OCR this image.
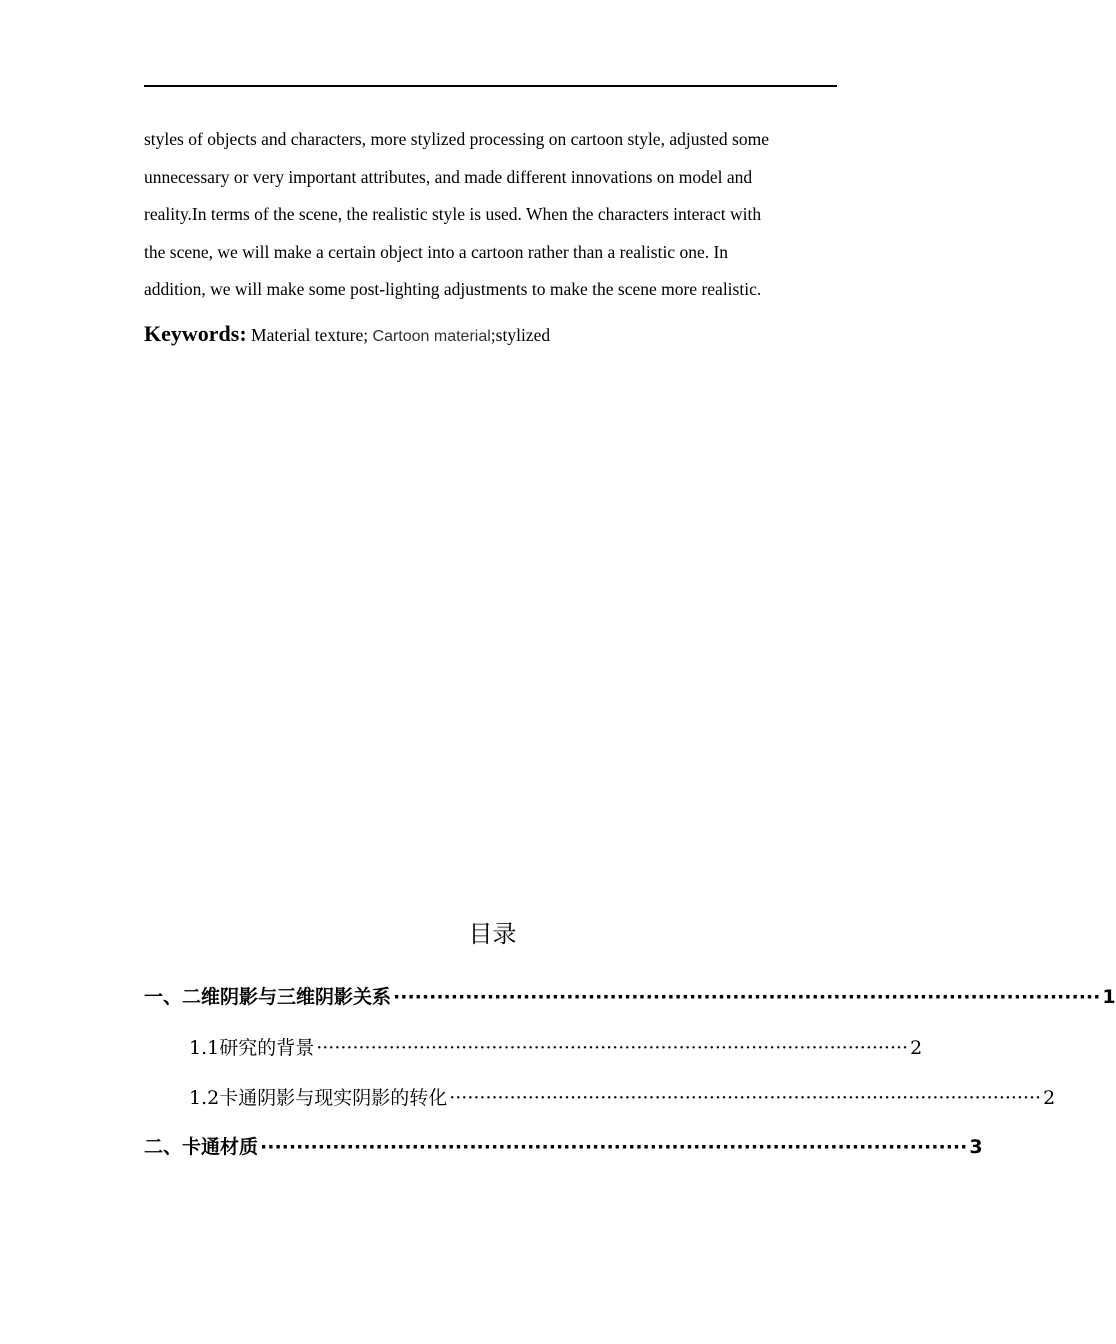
styles of objects and characters, more stylized processing on cartoon style, adjusted some
unnecessary or very important attributes, and made different innovations on model and
reality.In terms of the scene, the realistic style is used. When the characters interact with
the scene, we will make a certain object into a cartoon rather than a realistic one. In
addition, we will make some post-lighting adjustments to make the scene more realistic.

Keywords: Material texture; Cartoon material;stylized
目录
一、二维阴影与三维阴影关系 ·································································································· 1
1.1研究的背景 ·································································································· 2
1.2卡通阴影与现实阴影的转化 ·································································································· 2
二、卡通材质 ·································································································· 3
